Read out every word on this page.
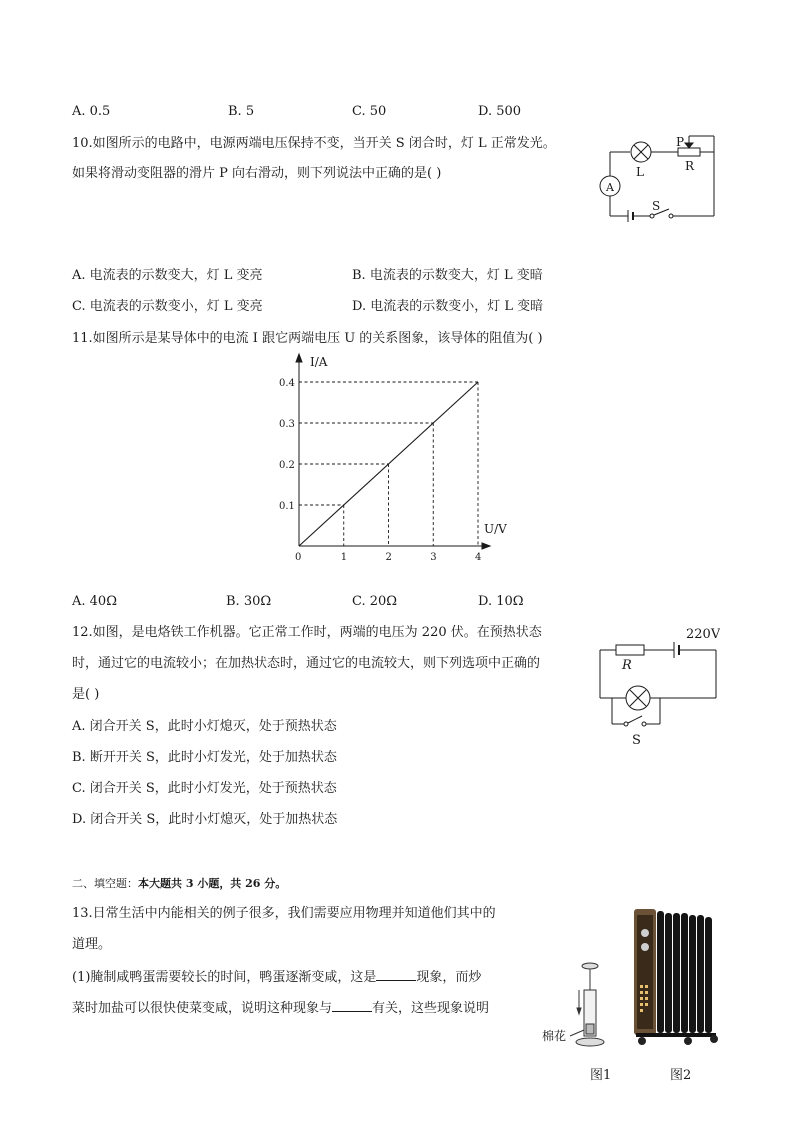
A. 0.5	B. 5	C. 50	D. 500
10.如图所示的电路中，电源两端电压保持不变，当开关 S 闭合时，灯 L 正常发光。
如果将滑动变阻器的滑片 P 向右滑动，则下列说法中正确的是( )
A
L
P
R
S
A. 电流表的示数变大，灯 L 变亮	B. 电流表的示数变大，灯 L 变暗
C. 电流表的示数变小，灯 L 变亮	D. 电流表的示数变小，灯 L 变暗
11.如图所示是某导体中的电流 I 跟它两端电压 U 的关系图象，该导体的阻值为( )
0	1	2	3	4
0.1
0.2
0.3
0.4
I/A
U/V
A. 40Ω	B. 30Ω	C. 20Ω	D. 10Ω
12.如图，是电烙铁工作机器。它正常工作时，两端的电压为 220 伏。在预热状态
时，通过它的电流较小；在加热状态时，通过它的电流较大，则下列选项中正确的
是( )
220V
R
S
A. 闭合开关 S，此时小灯熄灭，处于预热状态
B. 断开开关 S，此时小灯发光，处于加热状态
C. 闭合开关 S，此时小灯发光，处于预热状态
D. 闭合开关 S，此时小灯熄灭，处于加热状态
二、填空题：本大题共 3 小题，共 26 分。
13.日常生活中内能相关的例子很多，我们需要应用物理并知道他们其中的
道理。
(1)腌制咸鸭蛋需要较长的时间，鸭蛋逐渐变咸，这是	现象，而炒
菜时加盐可以很快使菜变咸，说明这种现象与	有关，这些现象说明
棉花
图1	图2
